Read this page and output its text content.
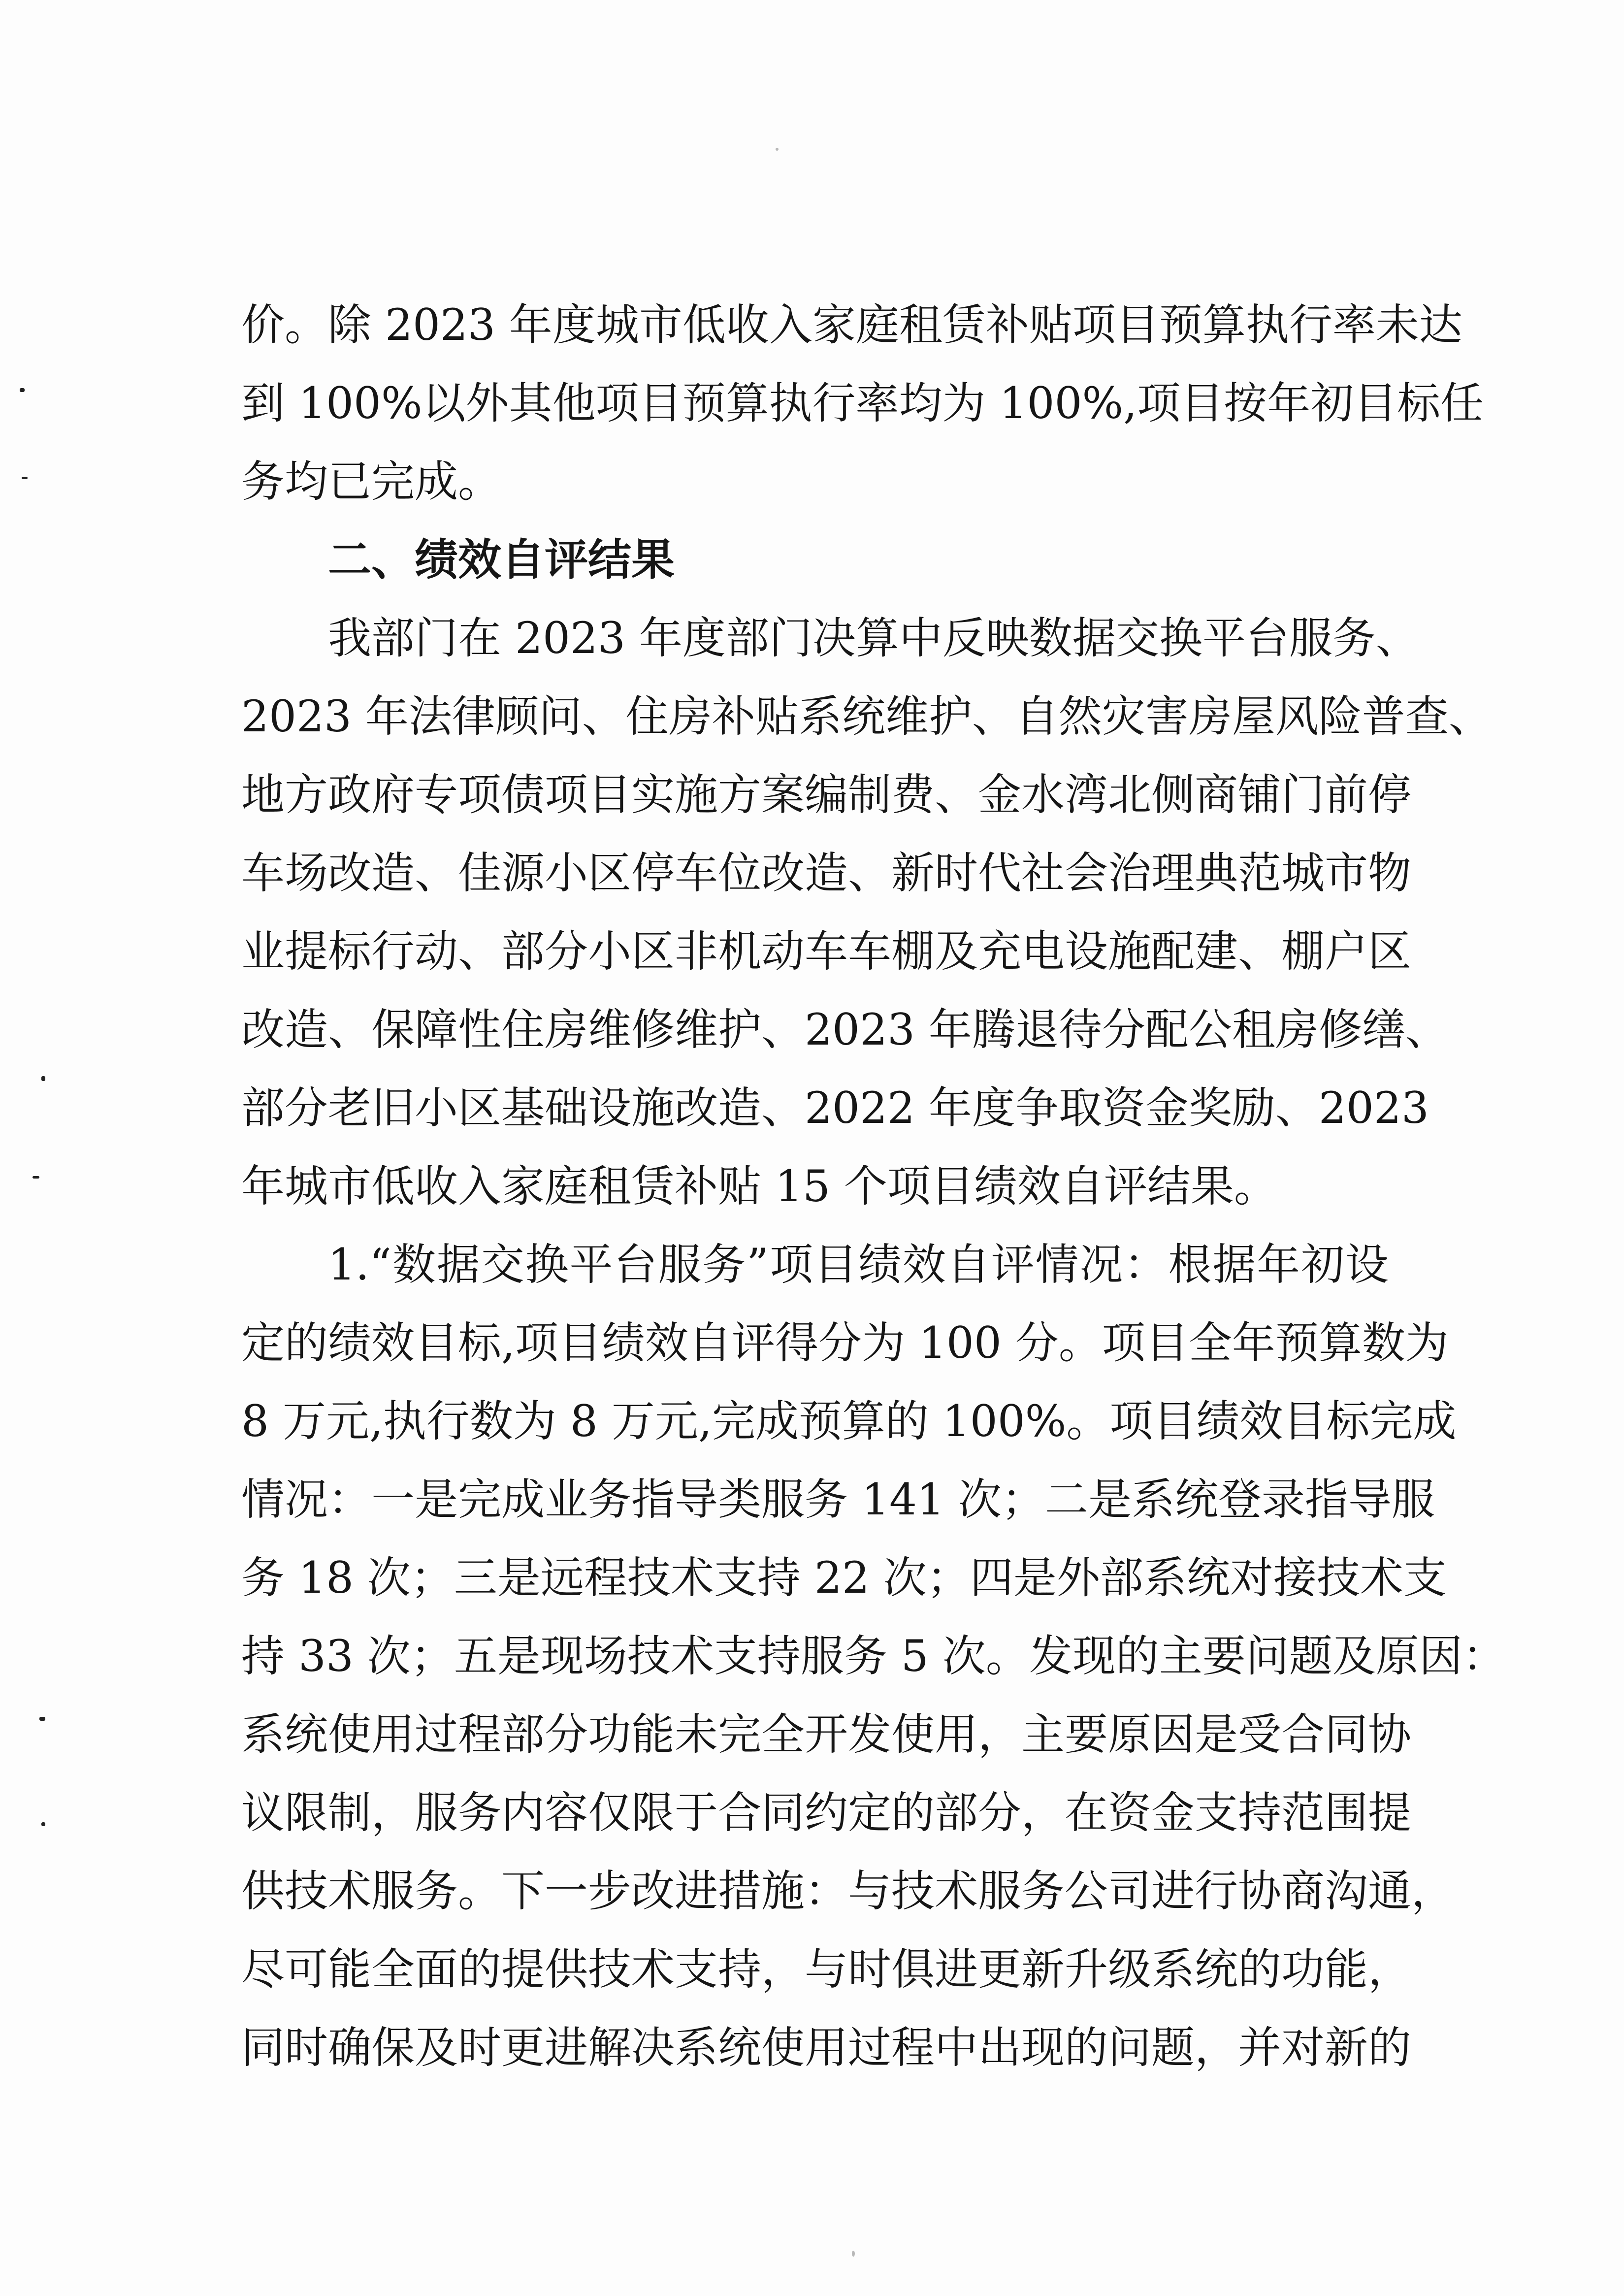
价。除 2023 年度城市低收入家庭租赁补贴项目预算执行率未达
到 100%以外其他项目预算执行率均为 100%,项目按年初目标任
务均已完成。
二、绩效自评结果
我部门在 2023 年度部门决算中反映数据交换平台服务、
2023 年法律顾问、住房补贴系统维护、自然灾害房屋风险普查、
地方政府专项债项目实施方案编制费、金水湾北侧商铺门前停
车场改造、佳源小区停车位改造、新时代社会治理典范城市物
业提标行动、部分小区非机动车车棚及充电设施配建、棚户区
改造、保障性住房维修维护、2023 年腾退待分配公租房修缮、
部分老旧小区基础设施改造、2022 年度争取资金奖励、2023
年城市低收入家庭租赁补贴 15 个项目绩效自评结果。
1.“数据交换平台服务”项目绩效自评情况：根据年初设
定的绩效目标,项目绩效自评得分为 100 分。项目全年预算数为
8 万元,执行数为 8 万元,完成预算的 100%。项目绩效目标完成
情况：一是完成业务指导类服务 141 次；二是系统登录指导服
务 18 次；三是远程技术支持 22 次；四是外部系统对接技术支
持 33 次；五是现场技术支持服务 5 次。发现的主要问题及原因：
系统使用过程部分功能未完全开发使用，主要原因是受合同协
议限制，服务内容仅限于合同约定的部分，在资金支持范围提
供技术服务。下一步改进措施：与技术服务公司进行协商沟通，
尽可能全面的提供技术支持，与时俱进更新升级系统的功能，
同时确保及时更进解决系统使用过程中出现的问题，并对新的
